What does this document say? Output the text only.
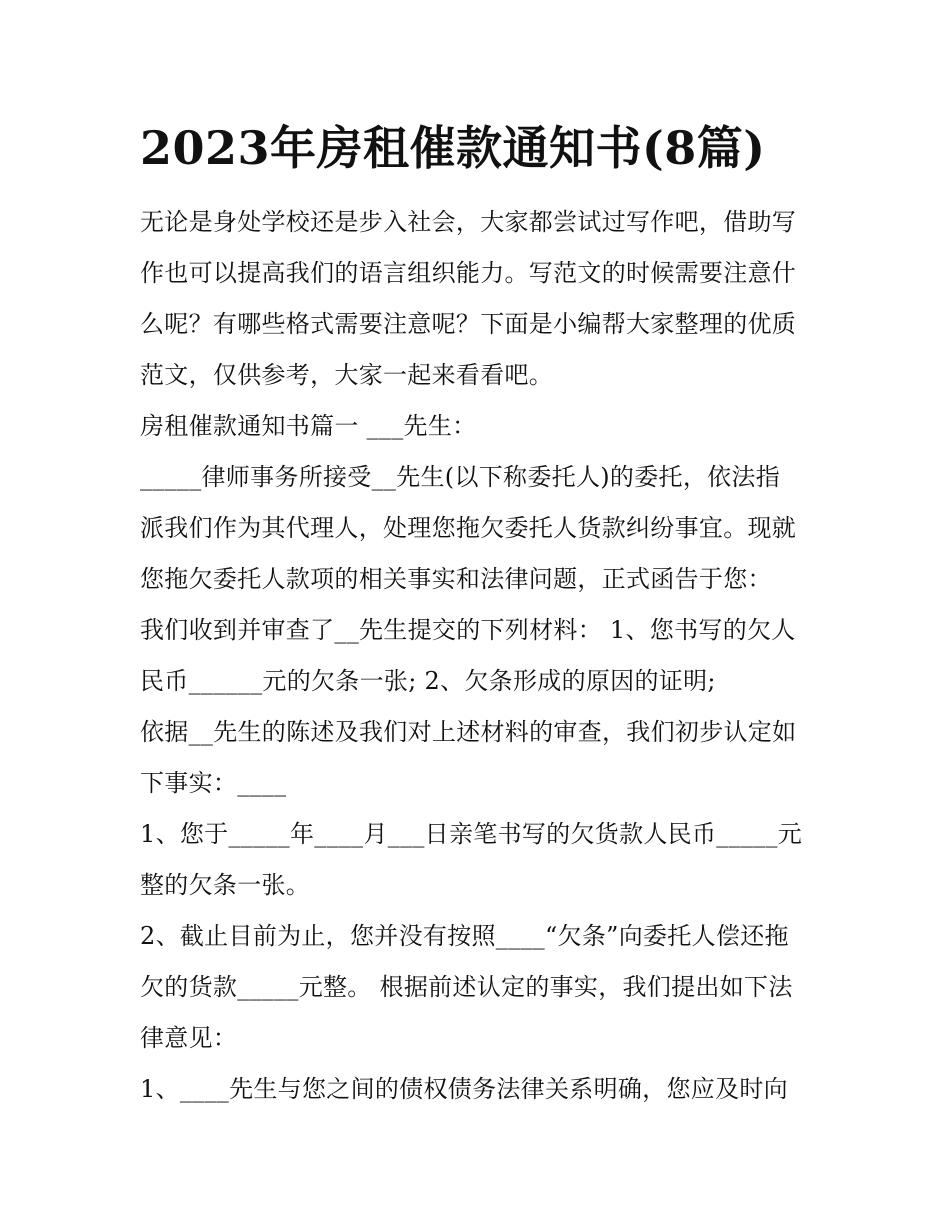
2023年房租催款通知书(8篇)
无论是身处学校还是步入社会，大家都尝试过写作吧，借助写
作也可以提高我们的语言组织能力。写范文的时候需要注意什
么呢？有哪些格式需要注意呢？下面是小编帮大家整理的优质
范文，仅供参考，大家一起来看看吧。
房租催款通知书篇一 ___先生：
_____律师事务所接受__先生(以下称委托人)的委托，依法指
派我们作为其代理人，处理您拖欠委托人货款纠纷事宜。现就
您拖欠委托人款项的相关事实和法律问题，正式函告于您：
我们收到并审查了__先生提交的下列材料： 1、您书写的欠人
民币______元的欠条一张; 2、欠条形成的原因的证明;
依据__先生的陈述及我们对上述材料的审查，我们初步认定如
下事实：____
1、您于_____年____月___日亲笔书写的欠货款人民币_____元
整的欠条一张。
2、截止目前为止，您并没有按照____“欠条”向委托人偿还拖
欠的货款_____元整。 根据前述认定的事实，我们提出如下法
律意见：
1、____先生与您之间的债权债务法律关系明确，您应及时向
